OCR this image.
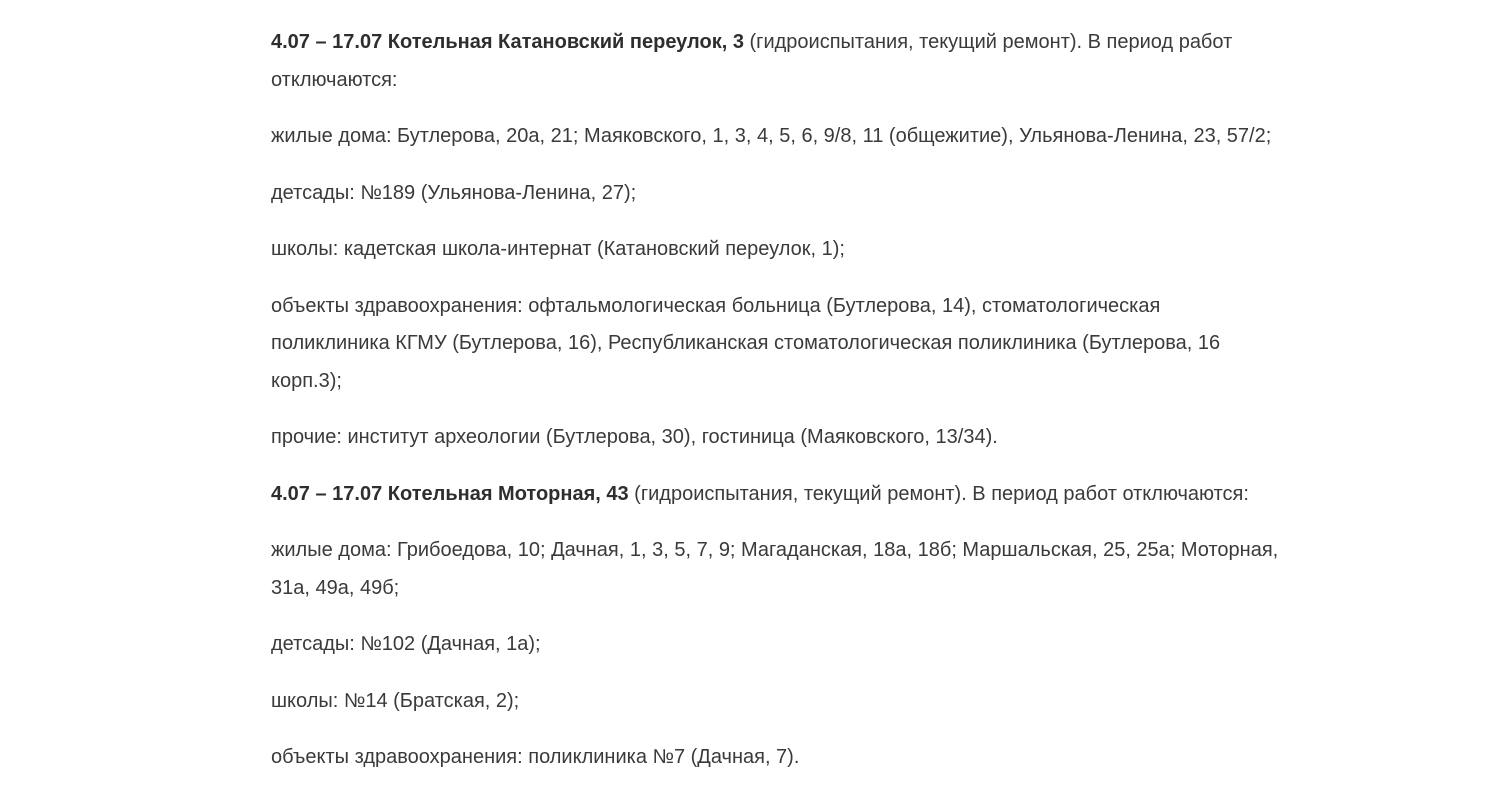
4.07 – 17.07 Котельная Катановский переулок, 3 (гидроиспытания, текущий ремонт). В период работ отключаются:

жилые дома: Бутлерова, 20а, 21; Маяковского, 1, 3, 4, 5, 6, 9/8, 11 (общежитие), Ульянова-Ленина, 23, 57/2;

детсады: №189 (Ульянова-Ленина, 27);

школы: кадетская школа-интернат (Катановский переулок, 1);

объекты здравоохранения: офтальмологическая больница (Бутлерова, 14), стоматологическая поликлиника КГМУ (Бутлерова, 16), Республиканская стоматологическая поликлиника (Бутлерова, 16 корп.3);

прочие: институт археологии (Бутлерова, 30), гостиница (Маяковского, 13/34).

4.07 – 17.07 Котельная Моторная, 43 (гидроиспытания, текущий ремонт). В период работ отключаются:

жилые дома: Грибоедова, 10; Дачная, 1, 3, 5, 7, 9; Магаданская, 18а, 18б; Маршальская, 25, 25а; Моторная, 31а, 49а, 49б;

детсады: №102 (Дачная, 1а);

школы: №14 (Братская, 2);

объекты здравоохранения: поликлиника №7 (Дачная, 7).
